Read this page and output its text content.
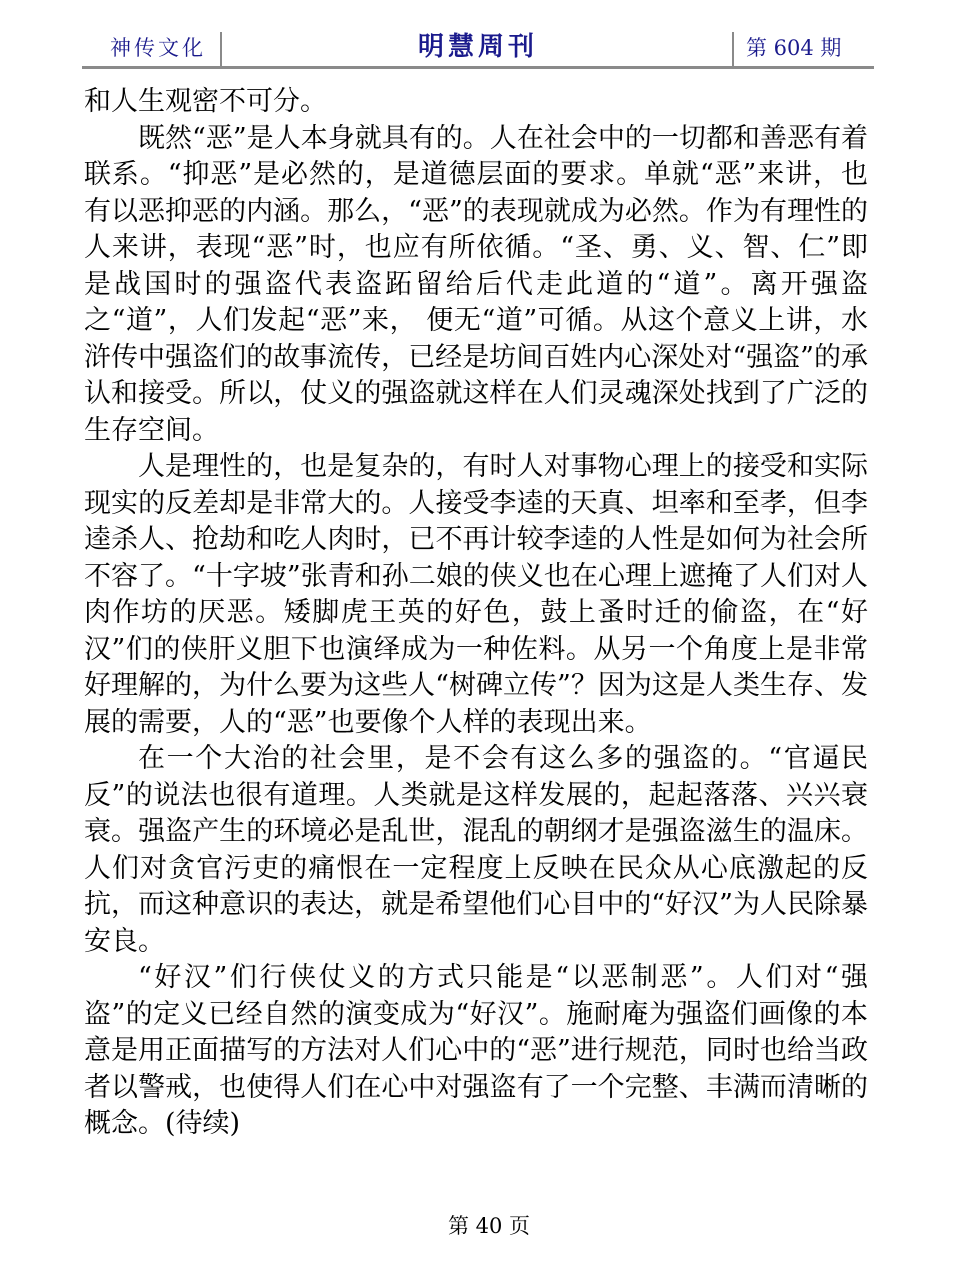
神传文化	明慧周刊	第 604 期

和人生观密不可分。

既然“恶”是人本身就具有的。人在社会中的一切都和善恶有着联系。“抑恶”是必然的，是道德层面的要求。单就“恶”来讲，也有以恶抑恶的内涵。那么，“恶”的表现就成为必然。作为有理性的人来讲，表现“恶”时，也应有所依循。“圣、勇、义、智、仁”即是战国时的强盗代表盗跖留给后代走此道的“道”。离开强盗之“道”，人们发起“恶”来， 便无“道”可循。从这个意义上讲，水浒传中强盗们的故事流传，已经是坊间百姓内心深处对“强盗”的承认和接受。所以，仗义的强盗就这样在人们灵魂深处找到了广泛的生存空间。

人是理性的，也是复杂的，有时人对事物心理上的接受和实际现实的反差却是非常大的。人接受李逵的天真、坦率和至孝，但李逵杀人、抢劫和吃人肉时，已不再计较李逵的人性是如何为社会所不容了。“十字坡”张青和孙二娘的侠义也在心理上遮掩了人们对人肉作坊的厌恶。矮脚虎王英的好色，鼓上蚤时迁的偷盗，在“好汉”们的侠肝义胆下也演绎成为一种佐料。从另一个角度上是非常好理解的，为什么要为这些人“树碑立传”？因为这是人类生存、发展的需要，人的“恶”也要像个人样的表现出来。

在一个大治的社会里，是不会有这么多的强盗的。“官逼民反”的说法也很有道理。人类就是这样发展的，起起落落、兴兴衰衰。强盗产生的环境必是乱世，混乱的朝纲才是强盗滋生的温床。人们对贪官污吏的痛恨在一定程度上反映在民众从心底激起的反抗，而这种意识的表达，就是希望他们心目中的“好汉”为人民除暴安良。

“好汉”们行侠仗义的方式只能是“以恶制恶”。人们对“强盗”的定义已经自然的演变成为“好汉”。施耐庵为强盗们画像的本意是用正面描写的方法对人们心中的“恶”进行规范，同时也给当政者以警戒，也使得人们在心中对强盗有了一个完整、丰满而清晰的概念。(待续)

第 40 页
